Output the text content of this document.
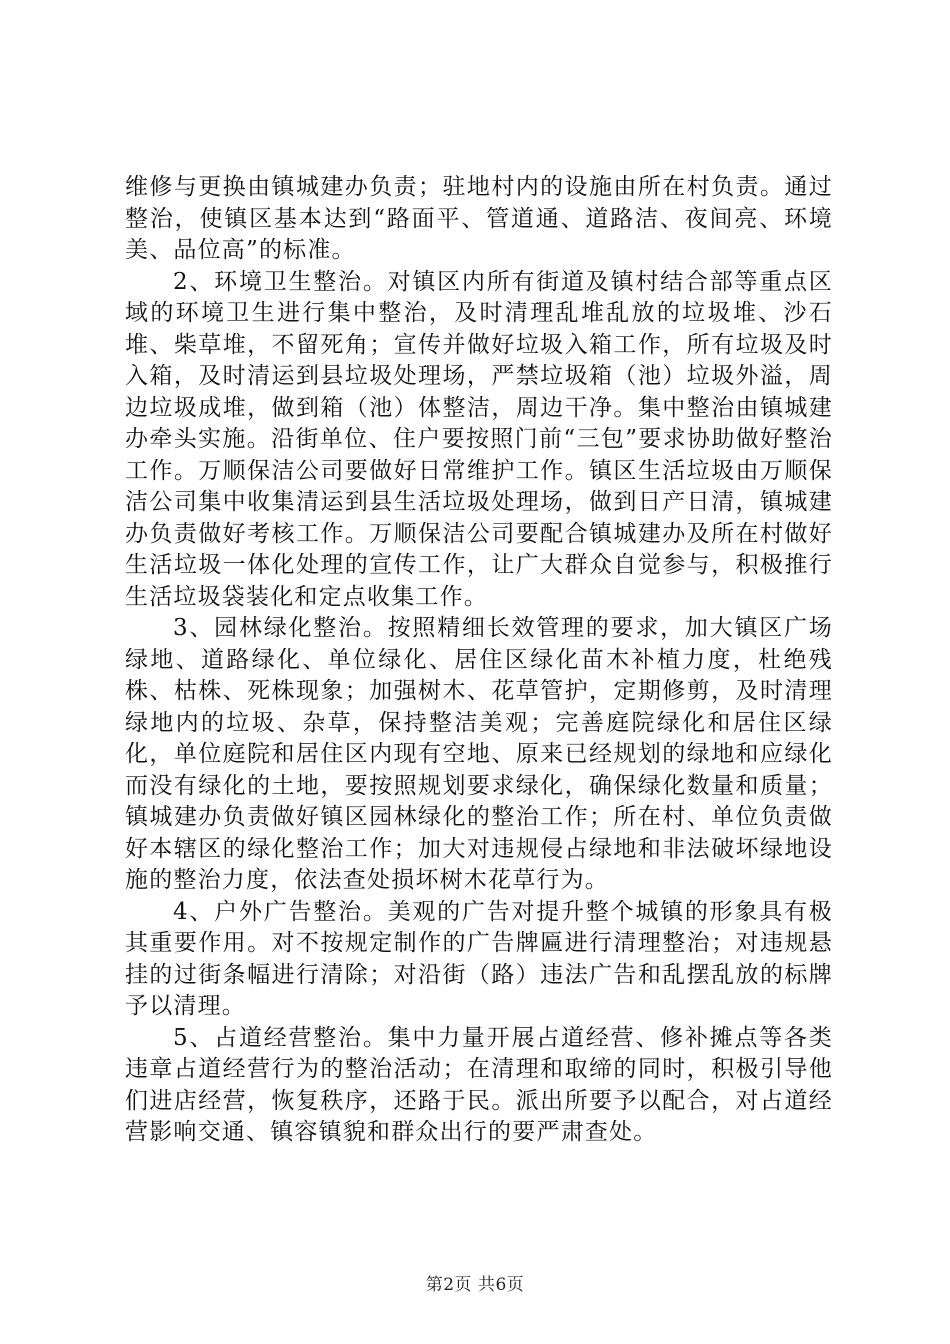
维修与更换由镇城建办负责；驻地村内的设施由所在村负责。通过整治，使镇区基本达到“路面平、管道通、道路洁、夜间亮、环境美、品位高”的标准。

2、环境卫生整治。对镇区内所有街道及镇村结合部等重点区域的环境卫生进行集中整治，及时清理乱堆乱放的垃圾堆、沙石堆、柴草堆，不留死角；宣传并做好垃圾入箱工作，所有垃圾及时入箱，及时清运到县垃圾处理场，严禁垃圾箱（池）垃圾外溢，周边垃圾成堆，做到箱（池）体整洁，周边干净。集中整治由镇城建办牵头实施。沿街单位、住户要按照门前“三包”要求协助做好整治工作。万顺保洁公司要做好日常维护工作。镇区生活垃圾由万顺保洁公司集中收集清运到县生活垃圾处理场，做到日产日清，镇城建办负责做好考核工作。万顺保洁公司要配合镇城建办及所在村做好生活垃圾一体化处理的宣传工作，让广大群众自觉参与，积极推行生活垃圾袋装化和定点收集工作。

3、园林绿化整治。按照精细长效管理的要求，加大镇区广场绿地、道路绿化、单位绿化、居住区绿化苗木补植力度，杜绝残株、枯株、死株现象；加强树木、花草管护，定期修剪，及时清理绿地内的垃圾、杂草，保持整洁美观；完善庭院绿化和居住区绿化，单位庭院和居住区内现有空地、原来已经规划的绿地和应绿化而没有绿化的土地，要按照规划要求绿化，确保绿化数量和质量；镇城建办负责做好镇区园林绿化的整治工作；所在村、单位负责做好本辖区的绿化整治工作；加大对违规侵占绿地和非法破坏绿地设施的整治力度，依法查处损坏树木花草行为。

4、户外广告整治。美观的广告对提升整个城镇的形象具有极其重要作用。对不按规定制作的广告牌匾进行清理整治；对违规悬挂的过街条幅进行清除；对沿街（路）违法广告和乱摆乱放的标牌予以清理。

5、占道经营整治。集中力量开展占道经营、修补摊点等各类违章占道经营行为的整治活动；在清理和取缔的同时，积极引导他们进店经营，恢复秩序，还路于民。派出所要予以配合，对占道经营影响交通、镇容镇貌和群众出行的要严肃查处。

第2页 共6页
